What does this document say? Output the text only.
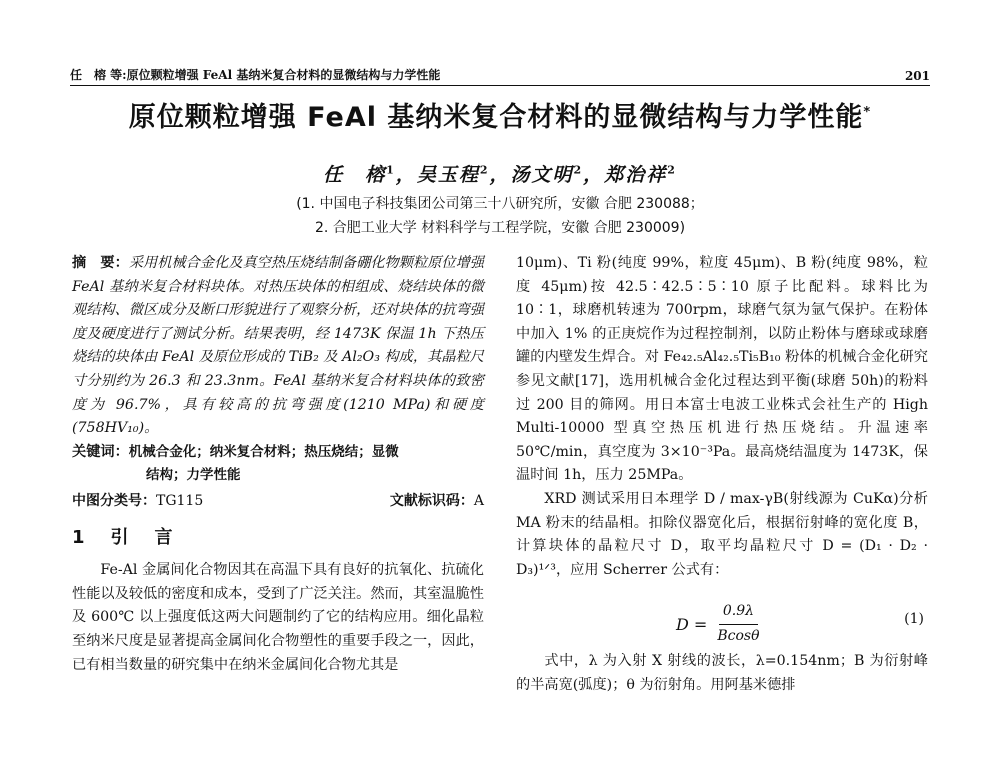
任　榕 等:原位颗粒增强 FeAl 基纳米复合材料的显微结构与力学性能	201
原位颗粒增强 FeAl 基纳米复合材料的显微结构与力学性能*
任　榕$^1$，吴玉程$^2$，汤文明$^2$，郑治祥$^2$
(1. 中国电子科技集团公司第三十八研究所，安徽 合肥 230088；
2. 合肥工业大学 材料科学与工程学院，安徽 合肥 230009)
摘　要：采用机械合金化及真空热压烧结制备硼化物颗粒原位增强 FeAl 基纳米复合材料块体。对热压块体的相组成、烧结块体的微观结构、微区成分及断口形貌进行了观察分析，还对块体的抗弯强度及硬度进行了测试分析。结果表明，经 1473K 保温 1h 下热压烧结的块体由 FeAl 及原位形成的 TiB₂ 及 Al₂O₃ 构成，其晶粒尺寸分别约为 26.3 和 23.3nm。FeAl 基纳米复合材料块体的致密度为 96.7%，具有较高的抗弯强度(1210 MPa)和硬度(758HV₁₀)。
关键词：机械合金化；纳米复合材料；热压烧结；显微
结构；力学性能
中图分类号：TG115	文献标识码：A
1　引　言
Fe-Al 金属间化合物因其在高温下具有良好的抗氧化、抗硫化性能以及较低的密度和成本，受到了广泛关注。然而，其室温脆性及 600℃ 以上强度低这两大问题制约了它的结构应用。细化晶粒至纳米尺度是显著提高金属间化合物塑性的重要手段之一，因此，已有相当数量的研究集中在纳米金属间化合物尤其是
10μm)、Ti 粉(纯度 99%，粒度 45μm)、B 粉(纯度 98%，粒度 45μm)按 42.5∶42.5∶5∶10 原子比配料。球料比为 10∶1，球磨机转速为 700rpm，球磨气氛为氩气保护。在粉体中加入 1% 的正庚烷作为过程控制剂，以防止粉体与磨球或球磨罐的内壁发生焊合。对 Fe₄₂.₅Al₄₂.₅Ti₅B₁₀ 粉体的机械合金化研究参见文献[17]，选用机械合金化过程达到平衡(球磨 50h)的粉料过 200 目的筛网。用日本富士电波工业株式会社生产的 High Multi-10000 型真空热压机进行热压烧结。升温速率 50℃/min，真空度为 3×10⁻³Pa。最高烧结温度为 1473K，保温时间 1h，压力 25MPa。
XRD 测试采用日本理学 D / max-γB(射线源为 CuKα)分析 MA 粉末的结晶相。扣除仪器宽化后，根据衍射峰的宽化度 B，计算块体的晶粒尺寸 D，取平均晶粒尺寸 D = (D₁ · D₂ · D₃)¹ᐟ³，应用 Scherrer 公式有：
$D = \frac{0.9\lambda}{Bcos\theta}$	(1)
式中，λ 为入射 X 射线的波长，λ=0.154nm；B 为衍射峰的半高宽(弧度)；θ 为衍射角。用阿基米德排
